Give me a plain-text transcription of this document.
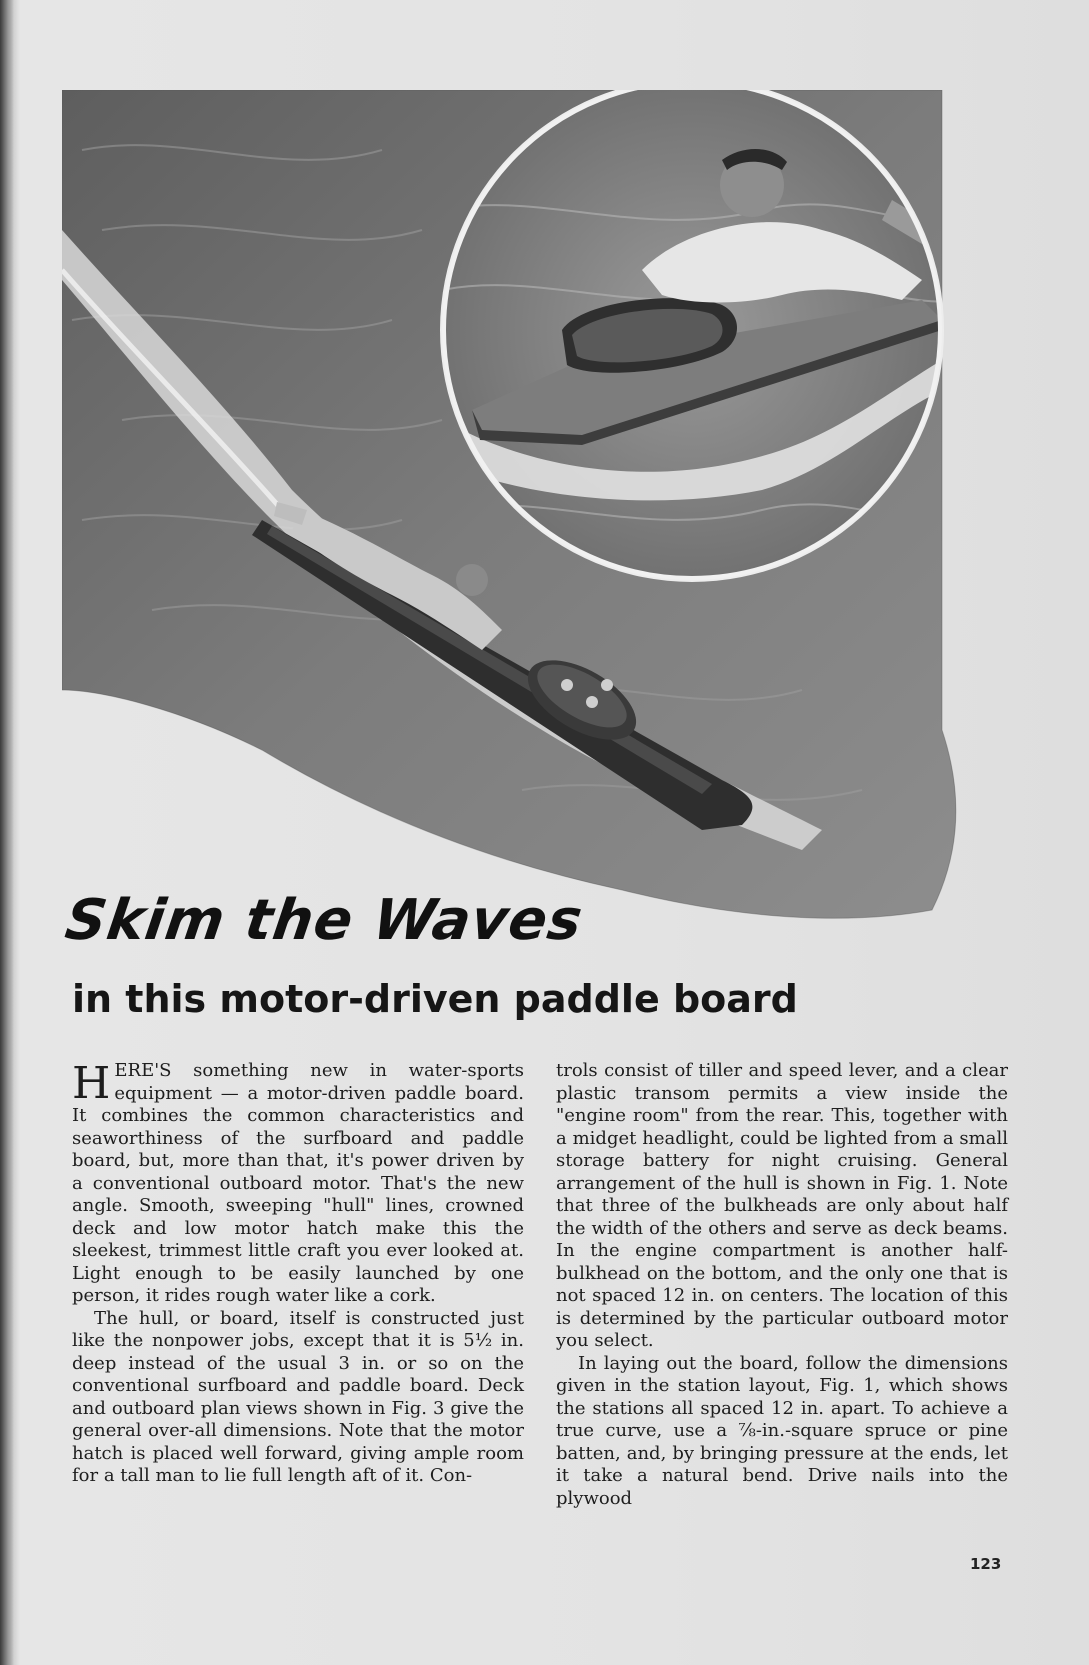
Skim the Waves
in this motor-driven paddle board

HERE'S something new in water-sports equipment — a motor-driven paddle board. It combines the common characteristics and seaworthiness of the surfboard and paddle board, but, more than that, it's power driven by a conventional outboard motor. That's the new angle. Smooth, sweeping "hull" lines, crowned deck and low motor hatch make this the sleekest, trimmest little craft you ever looked at. Light enough to be easily launched by one person, it rides rough water like a cork.

The hull, or board, itself is constructed just like the nonpower jobs, except that it is 5½ in. deep instead of the usual 3 in. or so on the conventional surfboard and paddle board. Deck and outboard plan views shown in Fig. 3 give the general over-all dimensions. Note that the motor hatch is placed well forward, giving ample room for a tall man to lie full length aft of it. Con-

trols consist of tiller and speed lever, and a clear plastic transom permits a view inside the "engine room" from the rear. This, together with a midget headlight, could be lighted from a small storage battery for night cruising. General arrangement of the hull is shown in Fig. 1. Note that three of the bulkheads are only about half the width of the others and serve as deck beams. In the engine compartment is another half-bulkhead on the bottom, and the only one that is not spaced 12 in. on centers. The location of this is determined by the particular outboard motor you select.

In laying out the board, follow the dimensions given in the station layout, Fig. 1, which shows the stations all spaced 12 in. apart. To achieve a true curve, use a ⅞-in.-square spruce or pine batten, and, by bringing pressure at the ends, let it take a natural bend. Drive nails into the plywood

123
